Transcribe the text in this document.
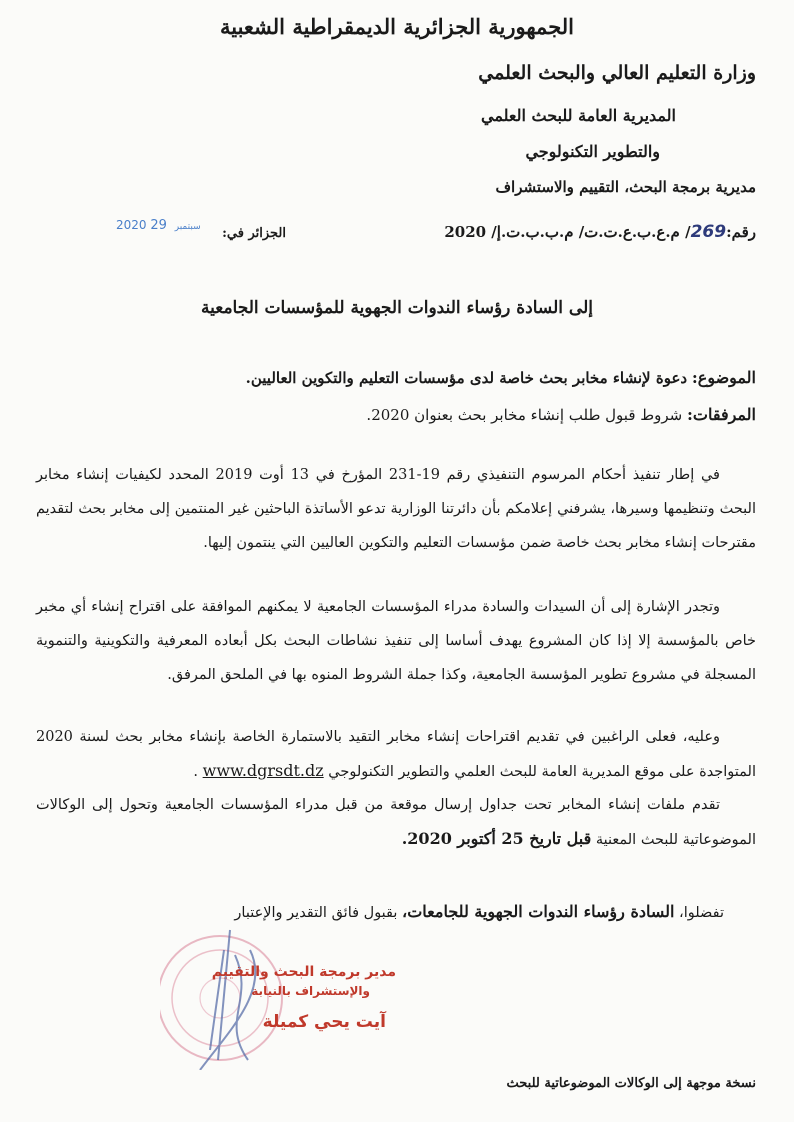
الجمهورية الجزائرية الديمقراطية الشعبية
وزارة التعليم العالي والبحث العلمي
المديرية العامة للبحث العلمي
والتطوير التكنولوجي
مديرية برمجة البحث، التقييم والاستشراف
رقم:269/ م.ع.ب.ع.ت.ت/ م.ب.ب.ت.إ/ 2020
الجزائر في:
2020	سبتمبر 29
إلى السادة رؤساء الندوات الجهوية للمؤسسات الجامعية
الموضوع: دعوة لإنشاء مخابر بحث خاصة لدى مؤسسات التعليم والتكوين العاليين.
المرفقات: شروط قبول طلب إنشاء مخابر بحث بعنوان 2020.
في إطار تنفيذ أحكام المرسوم التنفيذي رقم 19-231 المؤرخ في 13 أوت 2019 المحدد لكيفيات إنشاء مخابر البحث وتنظيمها وسيرها، يشرفني إعلامكم بأن دائرتنا الوزارية تدعو الأساتذة الباحثين غير المنتمين إلى مخابر بحث لتقديم مقترحات إنشاء مخابر بحث خاصة ضمن مؤسسات التعليم والتكوين العاليين التي ينتمون إليها.
وتجدر الإشارة إلى أن السيدات والسادة مدراء المؤسسات الجامعية لا يمكنهم الموافقة على اقتراح إنشاء أي مخبر خاص بالمؤسسة إلا إذا كان المشروع يهدف أساسا إلى تنفيذ نشاطات البحث بكل أبعاده المعرفية والتكوينية والتنموية المسجلة في مشروع تطوير المؤسسة الجامعية، وكذا جملة الشروط المنوه بها في الملحق المرفق.
وعليه، فعلى الراغبين في تقديم اقتراحات إنشاء مخابر التقيد بالاستمارة الخاصة بإنشاء مخابر بحث لسنة 2020 المتواجدة على موقع المديرية العامة للبحث العلمي والتطوير التكنولوجي www.dgrsdt.dz .
تقدم ملفات إنشاء المخابر تحت جداول إرسال موقعة من قبل مدراء المؤسسات الجامعية وتحول إلى الوكالات الموضوعاتية للبحث المعنية قبل تاريخ 25 أكتوبر 2020.
تفضلوا، السادة رؤساء الندوات الجهوية للجامعات، بقبول فائق التقدير والإعتبار
مدير برمجة البحث والتقييم
والإستشراف بالنيابة
آيت يحي كميلة
نسخة موجهة إلى الوكالات الموضوعاتية للبحث
